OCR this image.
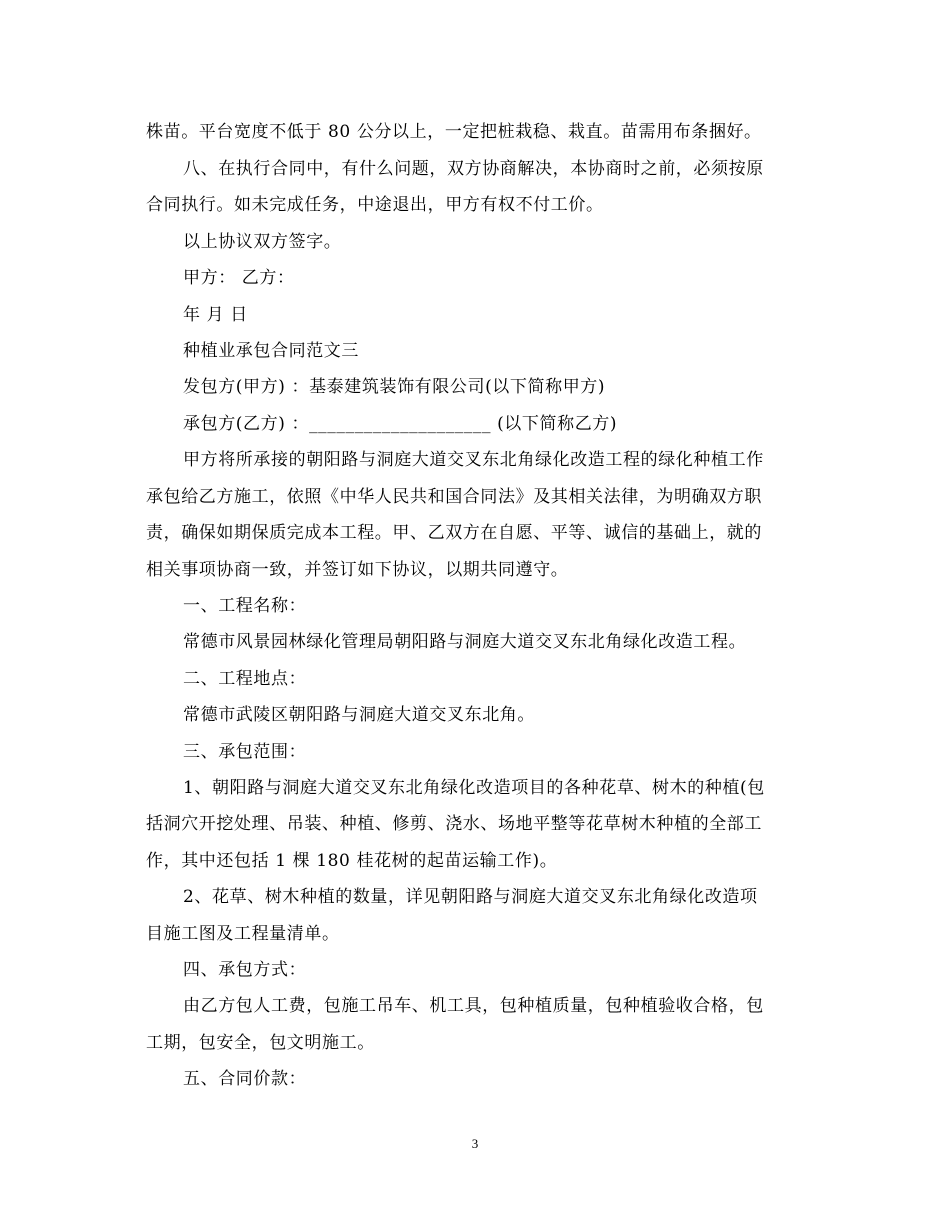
株苗。平台宽度不低于 80 公分以上，一定把桩栽稳、栽直。苗需用布条捆好。
八、在执行合同中，有什么问题，双方协商解决，本协商时之前，必须按原
合同执行。如未完成任务，中途退出，甲方有权不付工价。
以上协议双方签字。
甲方： 乙方：
年 月 日
种植业承包合同范文三
发包方(甲方) ：基泰建筑装饰有限公司(以下简称甲方)
承包方(乙方) ：____________________ (以下简称乙方)
甲方将所承接的朝阳路与洞庭大道交叉东北角绿化改造工程的绿化种植工作
承包给乙方施工，依照《中华人民共和国合同法》及其相关法律，为明确双方职
责，确保如期保质完成本工程。甲、乙双方在自愿、平等、诚信的基础上，就的
相关事项协商一致，并签订如下协议，以期共同遵守。
一、工程名称：
常德市风景园林绿化管理局朝阳路与洞庭大道交叉东北角绿化改造工程。
二、工程地点：
常德市武陵区朝阳路与洞庭大道交叉东北角。
三、承包范围：
1、朝阳路与洞庭大道交叉东北角绿化改造项目的各种花草、树木的种植(包
括洞穴开挖处理、吊装、种植、修剪、浇水、场地平整等花草树木种植的全部工
作，其中还包括 1 棵 180 桂花树的起苗运输工作)。
2、花草、树木种植的数量，详见朝阳路与洞庭大道交叉东北角绿化改造项
目施工图及工程量清单。
四、承包方式：
由乙方包人工费，包施工吊车、机工具，包种植质量，包种植验收合格，包
工期，包安全，包文明施工。
五、合同价款：
3
